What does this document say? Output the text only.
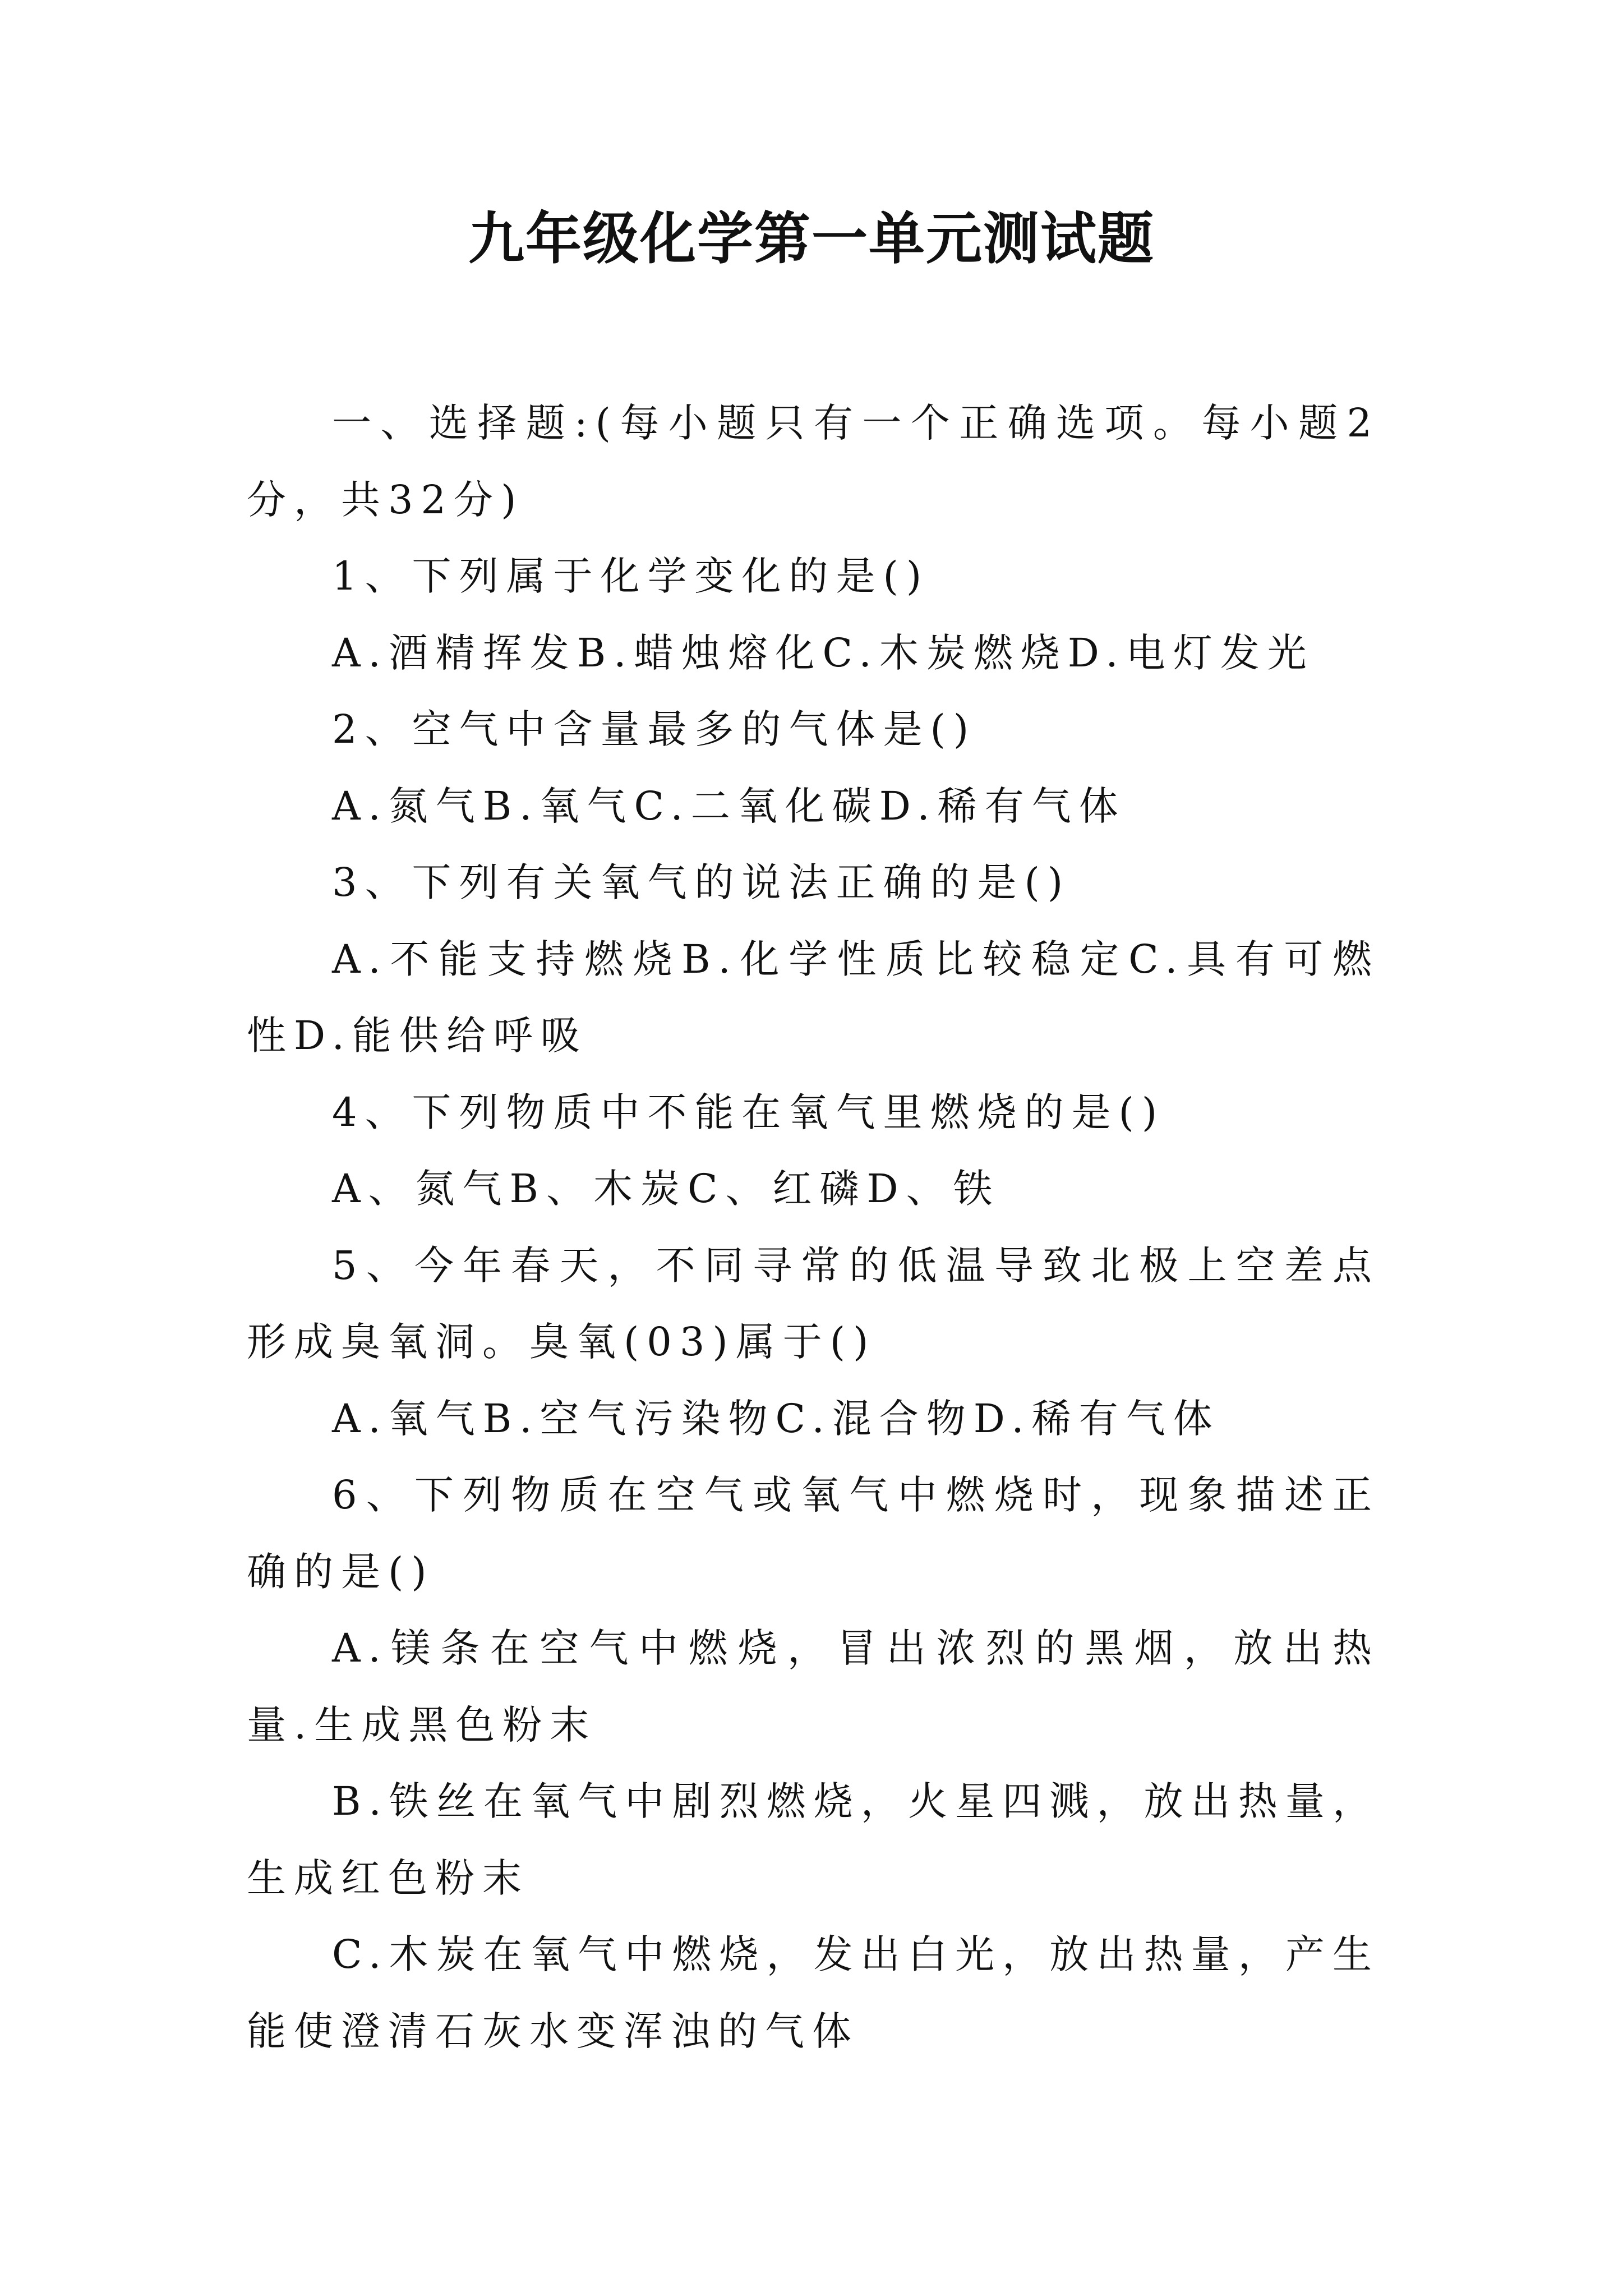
九年级化学第一单元测试题

一、选择题:(每小题只有一个正确选项。每小题2分，共32分)

1、下列属于化学变化的是()

A.酒精挥发B.蜡烛熔化C.木炭燃烧D.电灯发光

2、空气中含量最多的气体是()

A.氮气B.氧气C.二氧化碳D.稀有气体

3、下列有关氧气的说法正确的是()

A.不能支持燃烧B.化学性质比较稳定C.具有可燃性D.能供给呼吸

4、下列物质中不能在氧气里燃烧的是()

A、氮气B、木炭C、红磷D、铁

5、今年春天，不同寻常的低温导致北极上空差点形成臭氧洞。臭氧(03)属于()

A.氧气B.空气污染物C.混合物D.稀有气体

6、下列物质在空气或氧气中燃烧时，现象描述正确的是()

A.镁条在空气中燃烧，冒出浓烈的黑烟，放出热量.生成黑色粉末

B.铁丝在氧气中剧烈燃烧，火星四溅，放出热量，生成红色粉末

C.木炭在氧气中燃烧，发出白光，放出热量，产生能使澄清石灰水变浑浊的气体
